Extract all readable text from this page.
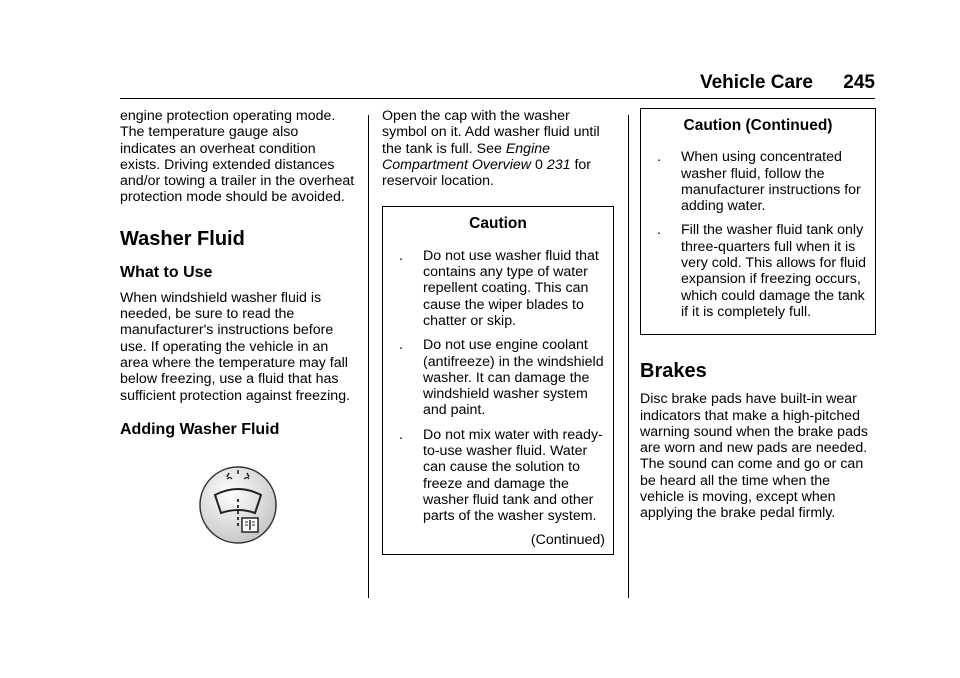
Vehicle Care 245

engine protection operating mode. The temperature gauge also indicates an overheat condition exists. Driving extended distances and/or towing a trailer in the overheat protection mode should be avoided.

Washer Fluid
What to Use

When windshield washer fluid is needed, be sure to read the manufacturer's instructions before use. If operating the vehicle in an area where the temperature may fall below freezing, use a fluid that has sufficient protection against freezing.

Adding Washer Fluid

Open the cap with the washer symbol on it. Add washer fluid until the tank is full. See Engine Compartment Overview 0 231 for reservoir location.

Caution
. Do not use washer fluid that contains any type of water repellent coating. This can cause the wiper blades to chatter or skip.
. Do not use engine coolant (antifreeze) in the windshield washer. It can damage the windshield washer system and paint.
. Do not mix water with ready-to-use washer fluid. Water can cause the solution to freeze and damage the washer fluid tank and other parts of the washer system.
(Continued)
Caution (Continued)
. When using concentrated washer fluid, follow the manufacturer instructions for adding water.
. Fill the washer fluid tank only three-quarters full when it is very cold. This allows for fluid expansion if freezing occurs, which could damage the tank if it is completely full.
Brakes

Disc brake pads have built-in wear indicators that make a high-pitched warning sound when the brake pads are worn and new pads are needed. The sound can come and go or can be heard all the time when the vehicle is moving, except when applying the brake pedal firmly.
